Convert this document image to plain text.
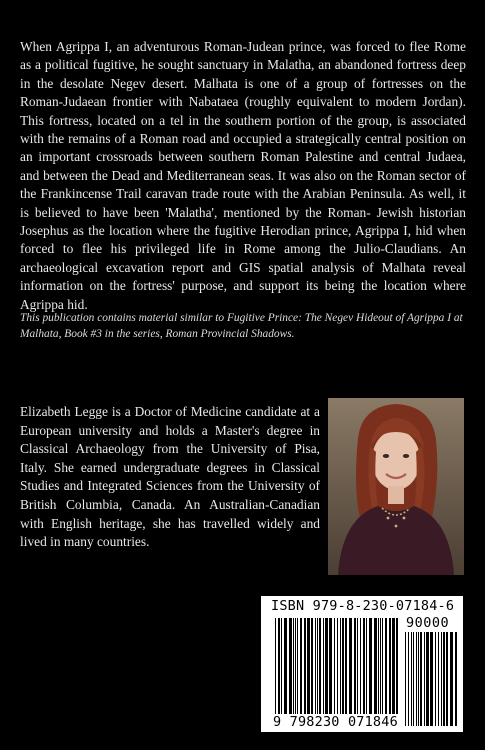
When Agrippa I, an adventurous Roman-Judean prince, was forced to flee Rome as a political fugitive, he sought sanctuary in Malatha, an abandoned fortress deep in the desolate Negev desert. Malhata is one of a group of fortresses on the Roman-Judaean frontier with Nabataea (roughly equivalent to modern Jordan). This fortress, located on a tel in the southern portion of the group, is associated with the remains of a Roman road and occupied a strategically central position on an important crossroads between southern Roman Palestine and central Judaea, and between the Dead and Mediterranean seas. It was also on the Roman sector of the Frankincense Trail caravan trade route with the Arabian Peninsula. As well, it is believed to have been 'Malatha', mentioned by the Roman- Jewish historian Josephus as the location where the fugitive Herodian prince, Agrippa I, hid when forced to flee his privileged life in Rome among the Julio-Claudians. An archaeological excavation report and GIS spatial analysis of Malhata reveal information on the fortress' purpose, and support its being the location where Agrippa hid.

This publication contains material similar to Fugitive Prince: The Negev Hideout of Agrippa I at Malhata, Book #3 in the series, Roman Provincial Shadows.

Elizabeth Legge is a Doctor of Medicine candidate at a European university and holds a Master's degree in Classical Archaeology from the University of Pisa, Italy. She earned undergraduate degrees in Classical Studies and Integrated Sciences from the University of British Columbia, Canada. An Australian-Canadian with English heritage, she has travelled widely and lived in many countries.

ISBN 979-8-230-07184-6
90000
9 798230 071846
